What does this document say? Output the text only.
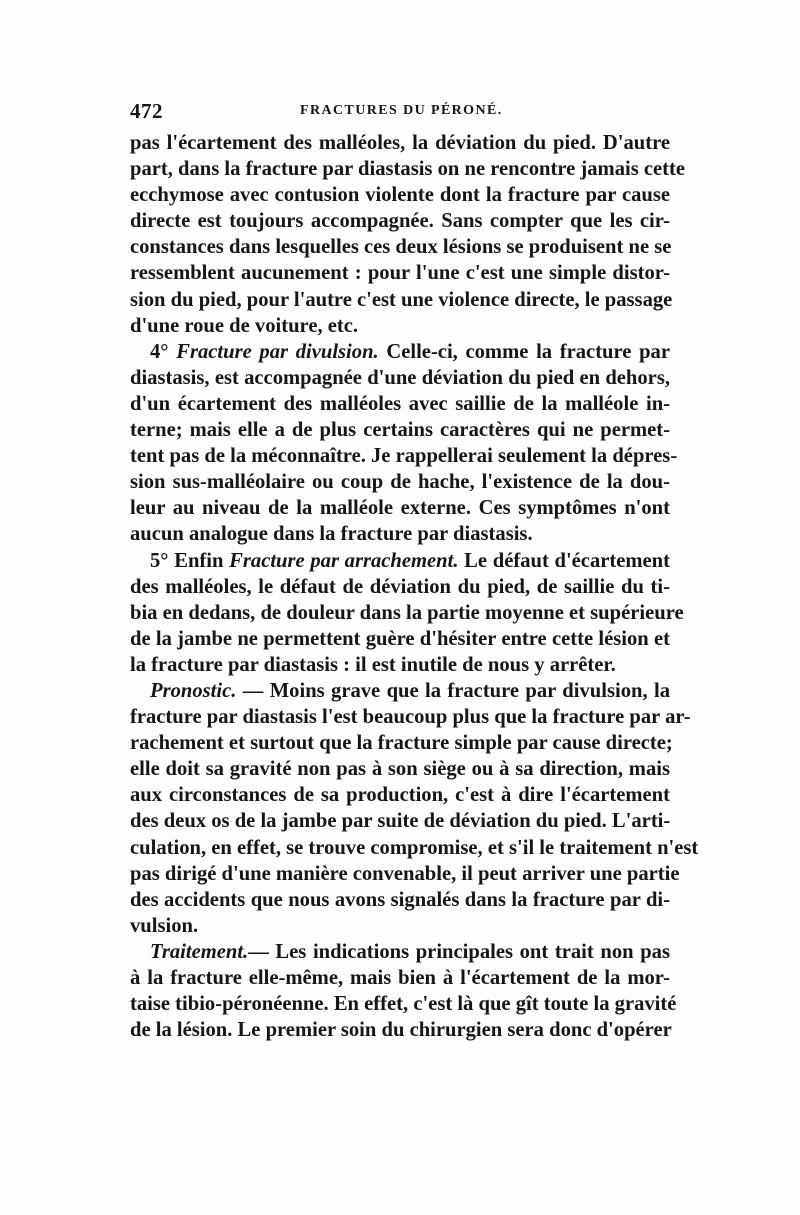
472	FRACTURES DU PÉRONÉ.
pas l'écartement des malléoles, la déviation du pied. D'autre
part, dans la fracture par diastasis on ne rencontre jamais cette
ecchymose avec contusion violente dont la fracture par cause
directe est toujours accompagnée. Sans compter que les cir-
constances dans lesquelles ces deux lésions se produisent ne se
ressemblent aucunement : pour l'une c'est une simple distor-
sion du pied, pour l'autre c'est une violence directe, le passage
d'une roue de voiture, etc.
4° Fracture par divulsion. Celle-ci, comme la fracture par
diastasis, est accompagnée d'une déviation du pied en dehors,
d'un écartement des malléoles avec saillie de la malléole in-
terne; mais elle a de plus certains caractères qui ne permet-
tent pas de la méconnaître. Je rappellerai seulement la dépres-
sion sus-malléolaire ou coup de hache, l'existence de la dou-
leur au niveau de la malléole externe. Ces symptômes n'ont
aucun analogue dans la fracture par diastasis.
5° Enfin Fracture par arrachement. Le défaut d'écartement
des malléoles, le défaut de déviation du pied, de saillie du ti-
bia en dedans, de douleur dans la partie moyenne et supérieure
de la jambe ne permettent guère d'hésiter entre cette lésion et
la fracture par diastasis : il est inutile de nous y arrêter.
Pronostic. — Moins grave que la fracture par divulsion, la
fracture par diastasis l'est beaucoup plus que la fracture par ar-
rachement et surtout que la fracture simple par cause directe;
elle doit sa gravité non pas à son siège ou à sa direction, mais
aux circonstances de sa production, c'est à dire l'écartement
des deux os de la jambe par suite de déviation du pied. L'arti-
culation, en effet, se trouve compromise, et s'il le traitement n'est
pas dirigé d'une manière convenable, il peut arriver une partie
des accidents que nous avons signalés dans la fracture par di-
vulsion.
Traitement.— Les indications principales ont trait non pas
à la fracture elle-même, mais bien à l'écartement de la mor-
taise tibio-péronéenne. En effet, c'est là que gît toute la gravité
de la lésion. Le premier soin du chirurgien sera donc d'opérer
